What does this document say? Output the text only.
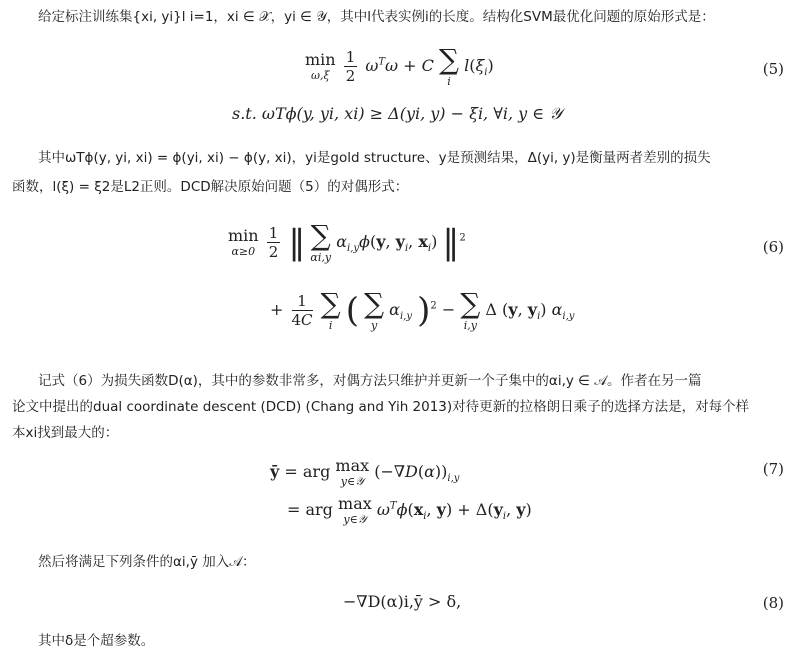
给定标注训练集{xi, yi}l i=1，xi ∈ 𝒳，yi ∈ 𝒴，其中l代表实例i的长度。结构化SVM最优化问题的原始形式是：
min
ω,ξ
$\frac{1}{2} \omega^T\omega + C$ ∑
i
$l(\xi_i)$	(5)
s.t. ωTϕ(y, yi, xi) ≥ Δ(yi, y) − ξi, ∀i, y ∈ 𝒴
其中ωTϕ(y, yi, xi) = ϕ(yi, xi) − ϕ(y, xi)，yi是gold structure、y是预测结果，Δ(yi, y)是衡量两者差别的损失
函数，l(ξ) = ξ2是L2正则。DCD解决原始问题（5）的对偶形式：
min
α≥0
$\frac{1}{2}$ ‖ ∑
αi,y
$\alpha_{i,y}\phi(y$, $y_i$, $x_i$) ‖$^2$	(6)
+ $\frac{1}{4C}$
∑
i ( ∑
y
$\alpha_{i,y}$ )$^2$ − ∑
i,y
Δ (y, $y_i$) $\alpha_{i,y}$
记式（6）为损失函数D(α)，其中的参数非常多，对偶方法只维护并更新一个子集中的αi,y ∈ 𝒜。作者在另一篇
论文中提出的dual coordinate descent (DCD) (Chang and Yih 2013)对待更新的拉格朗日乘子的选择方法是，对每个样
本xi找到最大的：
ȳ = arg max
y∈𝒴
$(-\nabla D(\alpha))_{i,y}$
(7)
= arg max
y∈𝒴
$\omega^T\phi(x_i$, $y) + \Delta(y_i$, y)
然后将满足下列条件的αi,ȳ 加入𝒜：
−∇D(α)i,ȳ > δ,	(8)
其中δ是个超参数。
